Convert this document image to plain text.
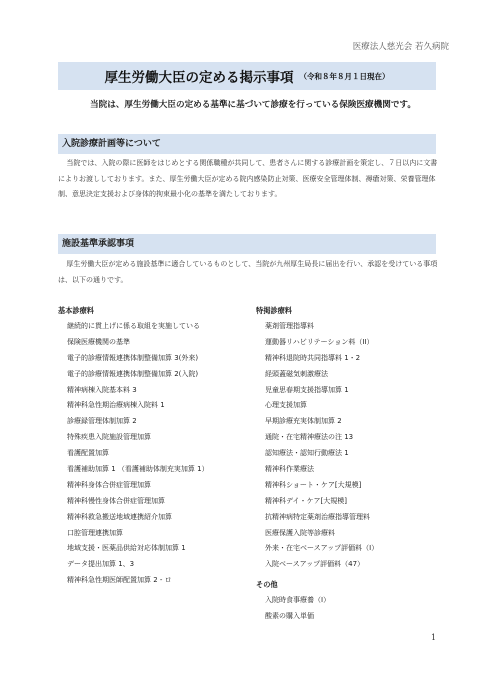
医療法人慈光会 若久病院
厚生労働大臣の定める掲示事項 （令和８年８月１日現在）
当院は、厚生労働大臣の定める基準に基づいて診療を行っている保険医療機関です。
入院診療計画等について
当院では、入院の際に医師をはじめとする関係職種が共同して、患者さんに関する診療計画を策定し、７日以内に文書によりお渡ししております。また、厚生労働大臣が定める院内感染防止対策、医療安全管理体制、褥瘡対策、栄養管理体制、意思決定支援および身体的拘束最小化の基準を満たしております。
施設基準承認事項
厚生労働大臣が定める施設基準に適合しているものとして、当院が九州厚生局長に届出を行い、承認を受けている事項は、以下の通りです。
基本診療料
継続的に貫上げに係る取組を実施している
保険医療機関の基準
電子的診療情報連携体制整備加算 3(外来)
電子的診療情報連携体制整備加算 2(入院)
精神病棟入院基本料 3
精神科急性期治療病棟入院料 1
診療録管理体制加算 2
特殊疾患入院施設管理加算
看護配置加算
看護補助加算 1 （看護補助体制充実加算 1）
精神科身体合併症管理加算
精神科慢性身体合併症管理加算
精神科救急搬送地域連携紹介加算
口腔管理連携加算
地域支援・医薬品供給対応体制加算 1
データ提出加算 1、3
精神科急性期医師配置加算 2 - ロ
特掲診療料
薬剤管理指導料
運動器リハビリテーション料（II）
精神科退院時共同指導料 1・2
経頭蓋磁気刺激療法
児童思春期支援指導加算 1
心理支援加算
早期診療充実体制加算 2
通院・在宅精神療法の注 13
認知療法・認知行動療法 1
精神科作業療法
精神科ショート・ケア[大規模]
精神科デイ・ケア[大規模]
抗精神病特定薬剤治療指導管理料
医療保護入院等診療料
外来・在宅ベースアップ評価料（I）
入院ベースアップ評価料（47）
その他
入院時食事療養（I）
酸素の購入単価
1
